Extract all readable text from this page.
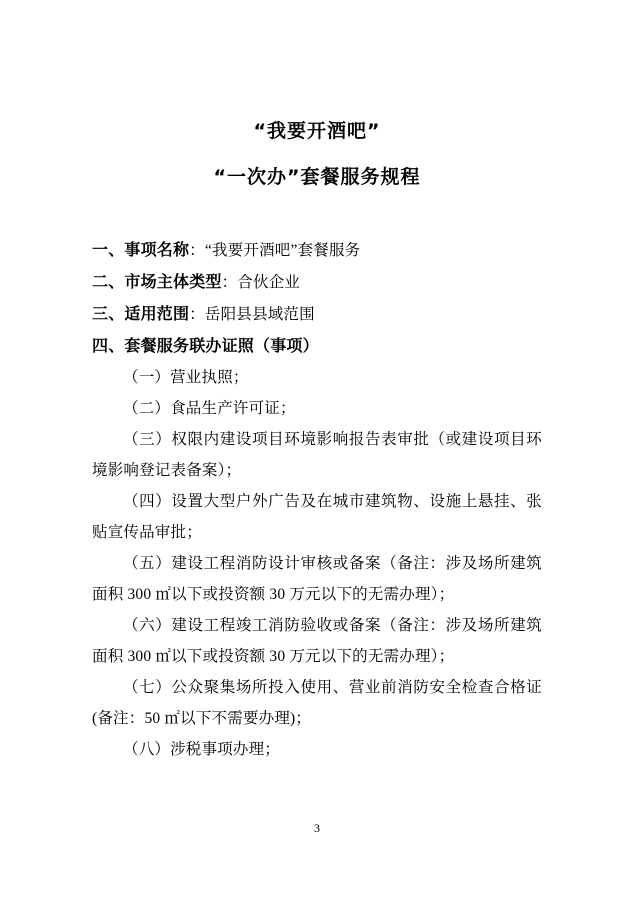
“我要开酒吧”
“一次办”套餐服务规程

一、事项名称：“我要开酒吧”套餐服务

二、市场主体类型：合伙企业

三、适用范围：岳阳县县域范围

四、套餐服务联办证照（事项）

（一）营业执照；

（二）食品生产许可证；

（三）权限内建设项目环境影响报告表审批（或建设项目环境影响登记表备案）；

（四）设置大型户外广告及在城市建筑物、设施上悬挂、张贴宣传品审批；

（五）建设工程消防设计审核或备案（备注：涉及场所建筑面积 300 ㎡以下或投资额 30 万元以下的无需办理）；

（六）建设工程竣工消防验收或备案（备注：涉及场所建筑面积 300 ㎡以下或投资额 30 万元以下的无需办理）；

（七）公众聚集场所投入使用、营业前消防安全检查合格证(备注：50 ㎡以下不需要办理)；

（八）涉税事项办理；

3
